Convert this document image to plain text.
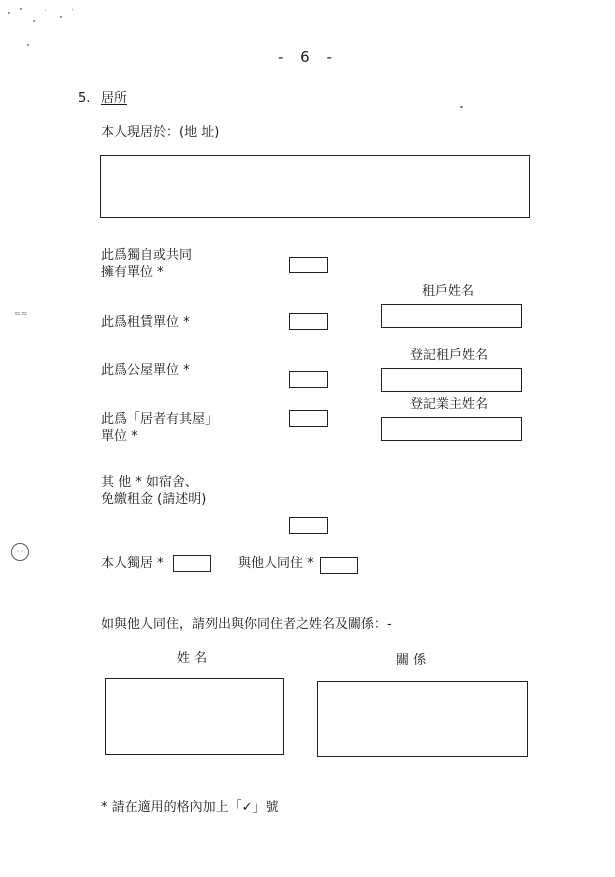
≈≈
◦◦
- 6 -
5. 居所
本人現居於：(地 址)
此爲獨自或共同
擁有單位 *
租戶姓名
此爲租賃單位 *
登記租戶姓名
此爲公屋單位 *
登記業主姓名
此爲「居者有其屋」
單位 *
其 他 * 如宿舍、
免繳租金 (請述明)
本人獨居 *	與他人同住 *
如與他人同住，請列出與你同住者之姓名及關係：-
姓 名	關 係
* 請在適用的格內加上「✓」號
